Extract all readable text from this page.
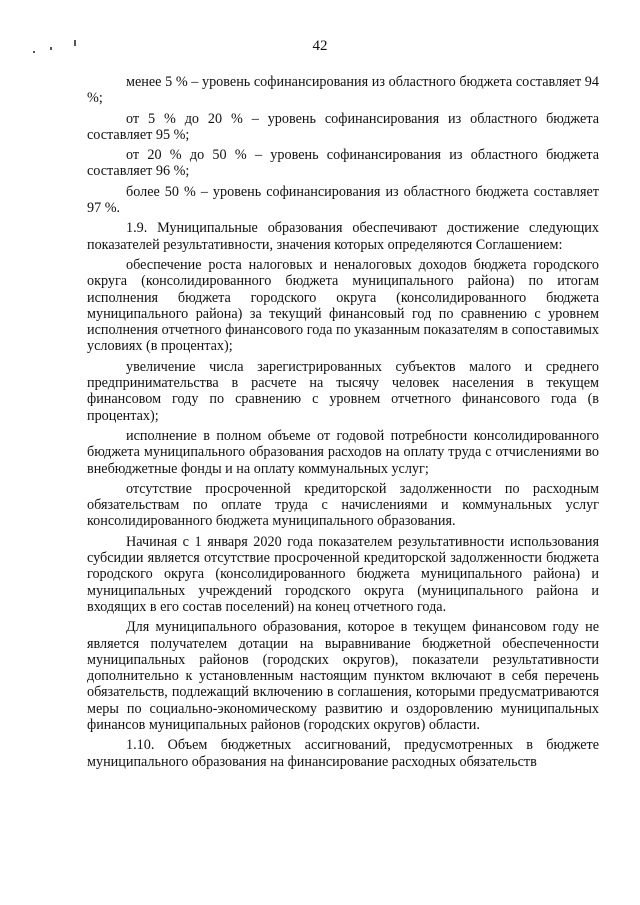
42

менее 5 % – уровень софинансирования из областного бюджета составляет 94 %;

от 5 % до 20 % – уровень софинансирования из областного бюджета составляет 95 %;

от 20 % до 50 % – уровень софинансирования из областного бюджета составляет 96 %;

более 50 % – уровень софинансирования из областного бюджета составляет 97 %.

1.9. Муниципальные образования обеспечивают достижение следующих показателей результативности, значения которых определяются Соглашением:

обеспечение роста налоговых и неналоговых доходов бюджета городского округа (консолидированного бюджета муниципального района) по итогам исполнения бюджета городского округа (консолидированного бюджета муниципального района) за текущий финансовый год по сравнению с уровнем исполнения отчетного финансового года по указанным показателям в сопоставимых условиях (в процентах);

увеличение числа зарегистрированных субъектов малого и среднего предпринимательства в расчете на тысячу человек населения в текущем финансовом году по сравнению с уровнем отчетного финансового года (в процентах);

исполнение в полном объеме от годовой потребности консолидированного бюджета муниципального образования расходов на оплату труда с отчислениями во внебюджетные фонды и на оплату коммунальных услуг;

отсутствие просроченной кредиторской задолженности по расходным обязательствам по оплате труда с начислениями и коммунальных услуг консолидированного бюджета муниципального образования.

Начиная с 1 января 2020 года показателем результативности использования субсидии является отсутствие просроченной кредиторской задолженности бюджета городского округа (консолидированного бюджета муниципального района) и муниципальных учреждений городского округа (муниципального района и входящих в его состав поселений) на конец отчетного года.

Для муниципального образования, которое в текущем финансовом году не является получателем дотации на выравнивание бюджетной обеспеченности муниципальных районов (городских округов), показатели результативности дополнительно к установленным настоящим пунктом включают в себя перечень обязательств, подлежащий включению в соглашения, которыми предусматриваются меры по социально-экономическому развитию и оздоровлению муниципальных финансов муниципальных районов (городских округов) области.

1.10. Объем бюджетных ассигнований, предусмотренных в бюджете муниципального образования на финансирование расходных обязательств
